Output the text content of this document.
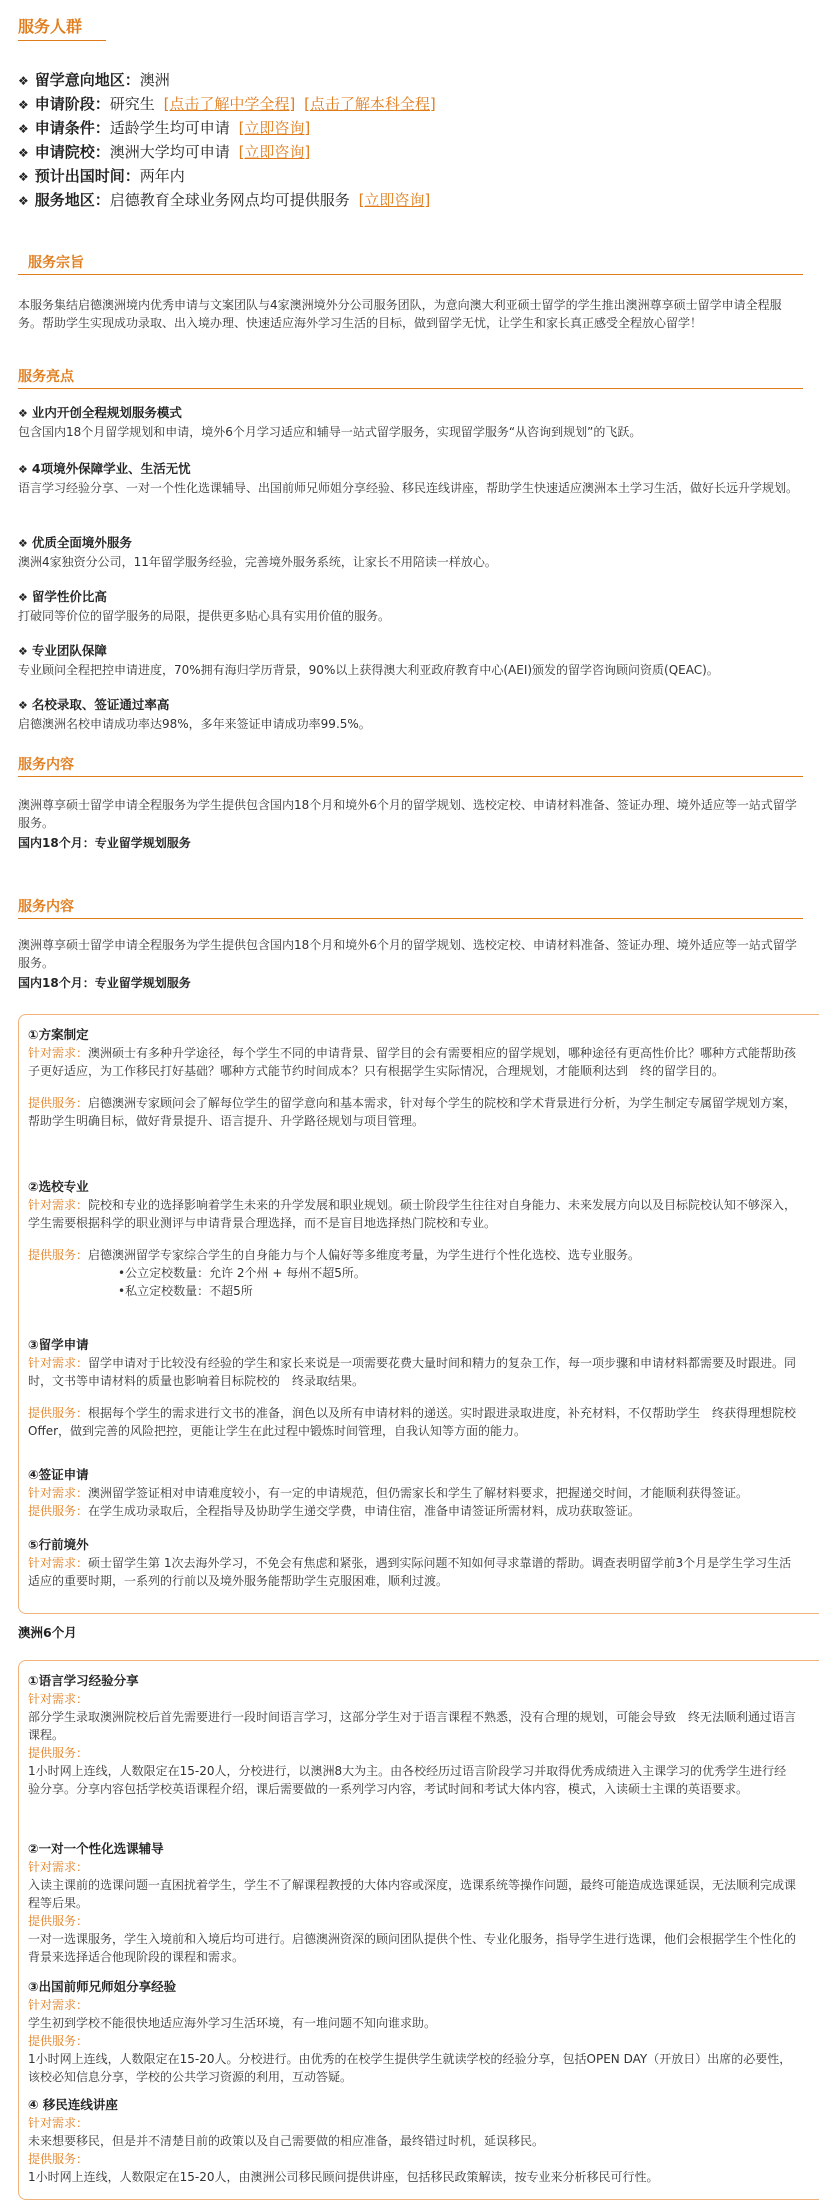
服务人群
❖ 留学意向地区：澳洲
❖ 申请阶段：研究生 [点击了解中学全程] [点击了解本科全程]
❖ 申请条件：适龄学生均可申请 [立即咨询]
❖ 申请院校：澳洲大学均可申请 [立即咨询]
❖ 预计出国时间：两年内
❖ 服务地区：启德教育全球业务网点均可提供服务 [立即咨询]
服务宗旨
本服务集结启德澳洲境内优秀申请与文案团队与4家澳洲境外分公司服务团队，为意向澳大利亚硕士留学的学生推出澳洲尊享硕士留学申请全程服务。帮助学生实现成功录取、出入境办理、快速适应海外学习生活的目标，做到留学无忧，让学生和家长真正感受全程放心留学！
服务亮点
❖ 业内开创全程规划服务模式
包含国内18个月留学规划和申请，境外6个月学习适应和辅导一站式留学服务，实现留学服务“从咨询到规划”的飞跃。
❖ 4项境外保障学业、生活无忧
语言学习经验分享、一对一个性化选课辅导、出国前师兄师姐分享经验、移民连线讲座，帮助学生快速适应澳洲本土学习生活，做好长远升学规划。
❖ 优质全面境外服务
澳洲4家独资分公司，11年留学服务经验，完善境外服务系统，让家长不用陪读一样放心。
❖ 留学性价比高
打破同等价位的留学服务的局限，提供更多贴心具有实用价值的服务。
❖ 专业团队保障
专业顾问全程把控申请进度，70%拥有海归学历背景，90%以上获得澳大利亚政府教育中心(AEI)颁发的留学咨询顾问资质(QEAC)。
❖ 名校录取、签证通过率高
启德澳洲名校申请成功率达98%，多年来签证申请成功率99.5%。
服务内容
澳洲尊享硕士留学申请全程服务为学生提供包含国内18个月和境外6个月的留学规划、选校定校、申请材料准备、签证办理、境外适应等一站式留学服务。
国内18个月：专业留学规划服务
服务内容
澳洲尊享硕士留学申请全程服务为学生提供包含国内18个月和境外6个月的留学规划、选校定校、申请材料准备、签证办理、境外适应等一站式留学服务。
国内18个月：专业留学规划服务
①方案制定
针对需求：澳洲硕士有多种升学途径，每个学生不同的申请背景、留学目的会有需要相应的留学规划，哪种途径有更高性价比？哪种方式能帮助孩子更好适应，为工作移民打好基础？哪种方式能节约时间成本？只有根据学生实际情况，合理规划，才能顺利达到　终的留学目的。
提供服务：启德澳洲专家顾问会了解每位学生的留学意向和基本需求，针对每个学生的院校和学术背景进行分析，为学生制定专属留学规划方案，帮助学生明确目标，做好背景提升、语言提升、升学路径规划与项目管理。
②选校专业
针对需求：院校和专业的选择影响着学生未来的升学发展和职业规划。硕士阶段学生往往对自身能力、未来发展方向以及目标院校认知不够深入，学生需要根据科学的职业测评与申请背景合理选择，而不是盲目地选择热门院校和专业。
提供服务：启德澳洲留学专家综合学生的自身能力与个人偏好等多维度考量，为学生进行个性化选校、选专业服务。
•公立定校数量：允许 2个州 + 每州不超5所。
•私立定校数量：不超5所
③留学申请
针对需求：留学申请对于比较没有经验的学生和家长来说是一项需要花费大量时间和精力的复杂工作，每一项步骤和申请材料都需要及时跟进。同时，文书等申请材料的质量也影响着目标院校的　终录取结果。
提供服务：根据每个学生的需求进行文书的准备，润色以及所有申请材料的递送。实时跟进录取进度，补充材料，不仅帮助学生　终获得理想院校Offer，做到完善的风险把控，更能让学生在此过程中锻炼时间管理，自我认知等方面的能力。
④签证申请
针对需求：澳洲留学签证相对申请难度较小，有一定的申请规范，但仍需家长和学生了解材料要求，把握递交时间，才能顺利获得签证。
提供服务：在学生成功录取后，全程指导及协助学生递交学费，申请住宿，准备申请签证所需材料，成功获取签证。
⑤行前境外
针对需求：硕士留学生第 1次去海外学习，不免会有焦虑和紧张，遇到实际问题不知如何寻求靠谱的帮助。调查表明留学前3个月是学生学习生活适应的重要时期，一系列的行前以及境外服务能帮助学生克服困难，顺利过渡。
澳洲6个月
①语言学习经验分享
针对需求：
部分学生录取澳洲院校后首先需要进行一段时间语言学习，这部分学生对于语言课程不熟悉，没有合理的规划，可能会导致　终无法顺利通过语言课程。
提供服务：
1小时网上连线，人数限定在15-20人，分校进行，以澳洲8大为主。由各校经历过语言阶段学习并取得优秀成绩进入主课学习的优秀学生进行经验分享。分享内容包括学校英语课程介绍，课后需要做的一系列学习内容，考试时间和考试大体内容，模式，入读硕士主课的英语要求。
②一对一个性化选课辅导
针对需求：
入读主课前的选课问题一直困扰着学生，学生不了解课程教授的大体内容或深度，选课系统等操作问题，最终可能造成选课延误，无法顺利完成课程等后果。
提供服务：
一对一选课服务，学生入境前和入境后均可进行。启德澳洲资深的顾问团队提供个性、专业化服务，指导学生进行选课，他们会根据学生个性化的背景来选择适合他现阶段的课程和需求。
③出国前师兄师姐分享经验
针对需求：
学生初到学校不能很快地适应海外学习生活环境，有一堆问题不知向谁求助。
提供服务：
1小时网上连线，人数限定在15-20人。分校进行。由优秀的在校学生提供学生就读学校的经验分享，包括OPEN DAY（开放日）出席的必要性，该校必知信息分享，学校的公共学习资源的利用，互动答疑。
④ 移民连线讲座
针对需求：
未来想要移民，但是并不清楚目前的政策以及自己需要做的相应准备，最终错过时机，延误移民。
提供服务：
1小时网上连线，人数限定在15-20人，由澳洲公司移民顾问提供讲座，包括移民政策解读，按专业来分析移民可行性。
